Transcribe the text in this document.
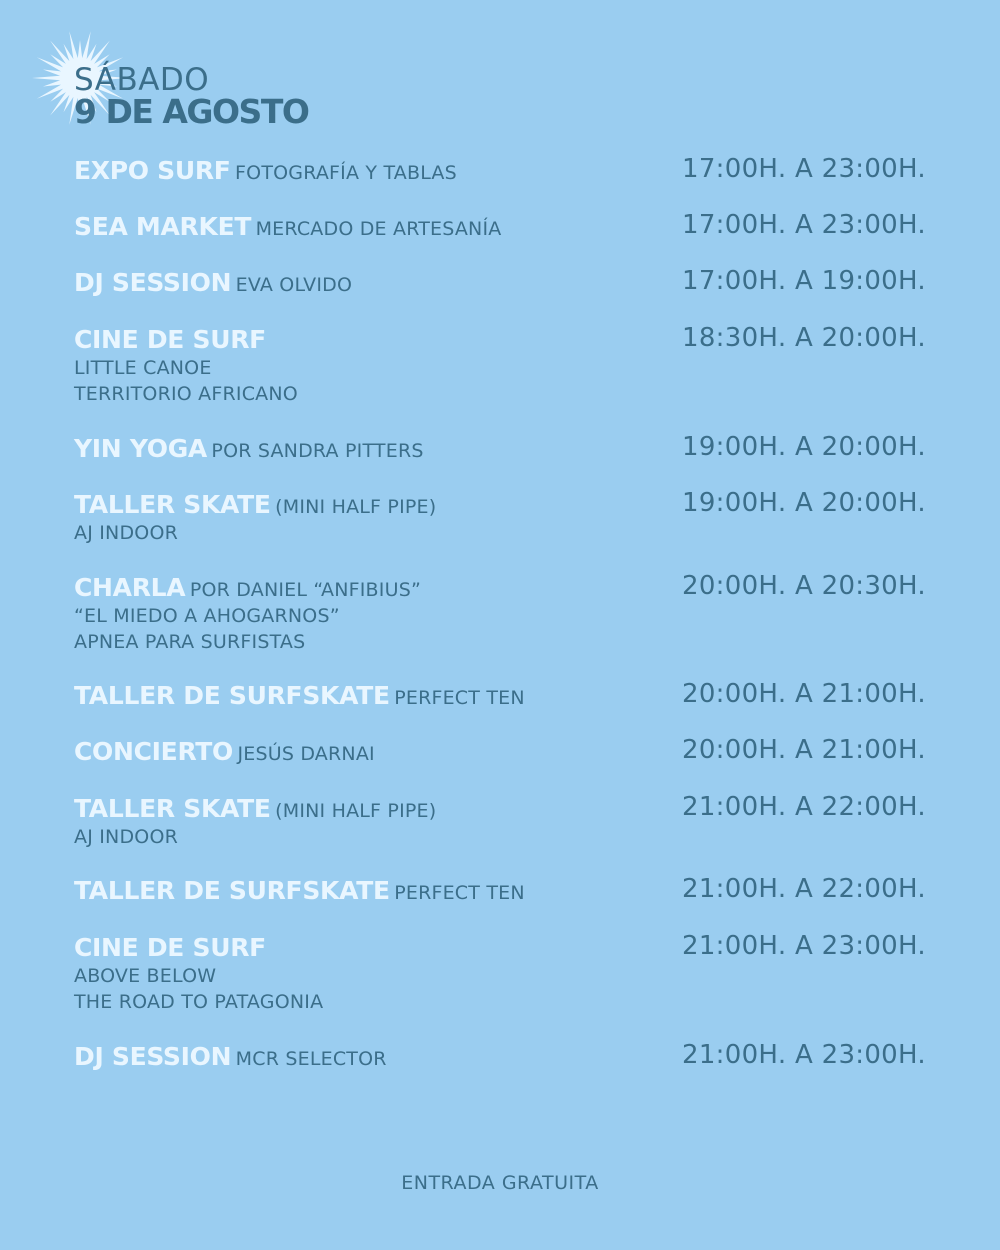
SÁBADO
9 DE AGOSTO
EXPO SURF FOTOGRAFÍA Y TABLAS	17:00H. A 23:00H.
SEA MARKET MERCADO DE ARTESANÍA	17:00H. A 23:00H.
DJ SESSION EVA OLVIDO	17:00H. A 19:00H.
CINE DE SURF	18:30H. A 20:00H.
LITTLE CANOE
TERRITORIO AFRICANO
YIN YOGA POR SANDRA PITTERS	19:00H. A 20:00H.
TALLER SKATE (MINI HALF PIPE)	19:00H. A 20:00H.
AJ INDOOR
CHARLA POR DANIEL “ANFIBIUS”	20:00H. A 20:30H.
“EL MIEDO A AHOGARNOS”
APNEA PARA SURFISTAS
TALLER DE SURFSKATE PERFECT TEN	20:00H. A 21:00H.
CONCIERTO JESÚS DARNAI	20:00H. A 21:00H.
TALLER SKATE (MINI HALF PIPE)	21:00H. A 22:00H.
AJ INDOOR
TALLER DE SURFSKATE PERFECT TEN	21:00H. A 22:00H.
CINE DE SURF	21:00H. A 23:00H.
ABOVE BELOW
THE ROAD TO PATAGONIA
DJ SESSION MCR SELECTOR	21:00H. A 23:00H.
ENTRADA GRATUITA
